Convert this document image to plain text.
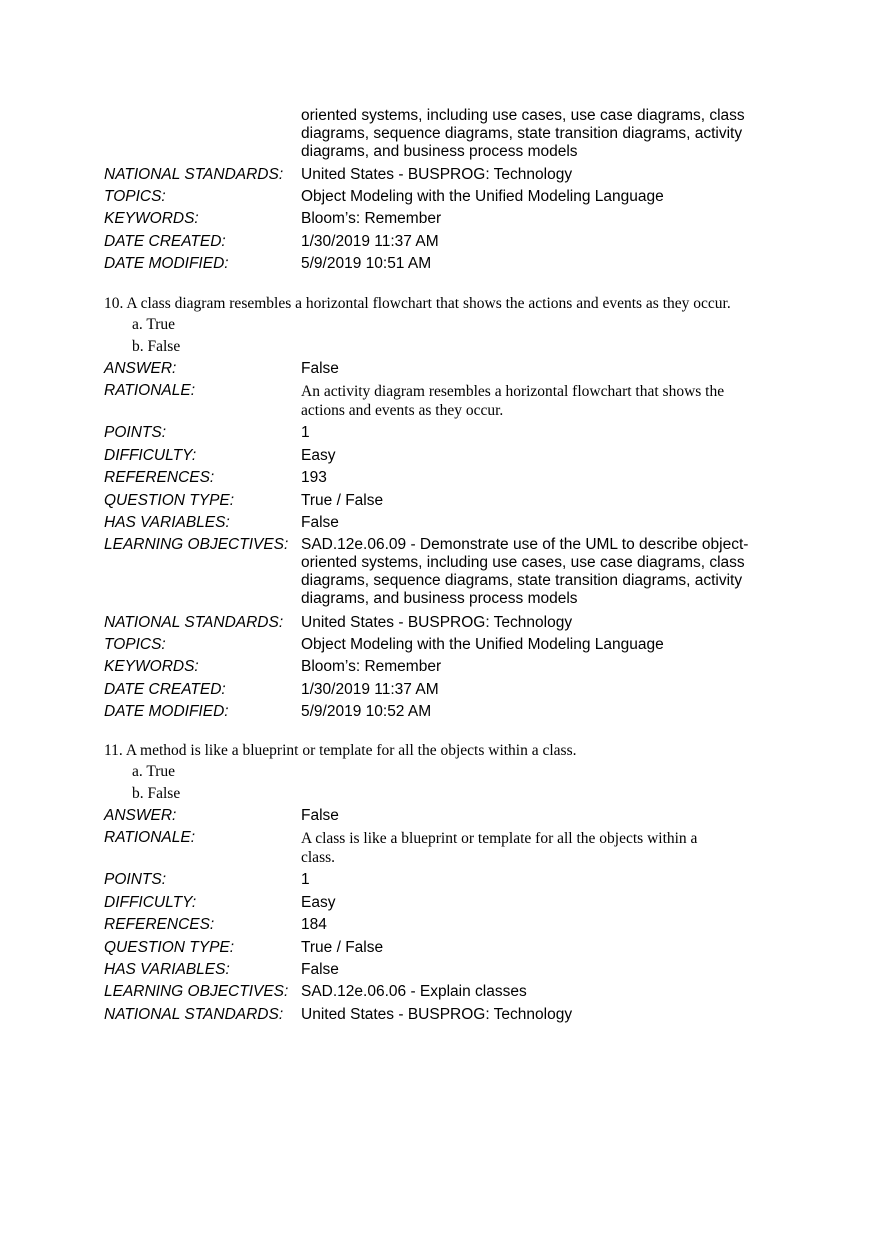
oriented systems, including use cases, use case diagrams, class diagrams, sequence diagrams, state transition diagrams, activity diagrams, and business process models
NATIONAL STANDARDS:	United States - BUSPROG: Technology
TOPICS:	Object Modeling with the Unified Modeling Language
KEYWORDS:	Bloom’s: Remember
DATE CREATED:	1/30/2019 11:37 AM
DATE MODIFIED:	5/9/2019 10:51 AM
10. A class diagram resembles a horizontal flowchart that shows the actions and events as they occur.
a. True
b. False
ANSWER:	False
RATIONALE:	An activity diagram resembles a horizontal flowchart that shows the actions and events as they occur.
POINTS:	1
DIFFICULTY:	Easy
REFERENCES:	193
QUESTION TYPE:	True / False
HAS VARIABLES:	False
LEARNING OBJECTIVES: SAD.12e.06.09 - Demonstrate use of the UML to describe object-oriented systems, including use cases, use case diagrams, class diagrams, sequence diagrams, state transition diagrams, activity diagrams, and business process models
NATIONAL STANDARDS:	United States - BUSPROG: Technology
TOPICS:	Object Modeling with the Unified Modeling Language
KEYWORDS:	Bloom’s: Remember
DATE CREATED:	1/30/2019 11:37 AM
DATE MODIFIED:	5/9/2019 10:52 AM
11. A method is like a blueprint or template for all the objects within a class.
a. True
b. False
ANSWER:	False
RATIONALE:	A class is like a blueprint or template for all the objects within a class.
POINTS:	1
DIFFICULTY:	Easy
REFERENCES:	184
QUESTION TYPE:	True / False
HAS VARIABLES:	False
LEARNING OBJECTIVES: SAD.12e.06.06 - Explain classes
NATIONAL STANDARDS:	United States - BUSPROG: Technology
